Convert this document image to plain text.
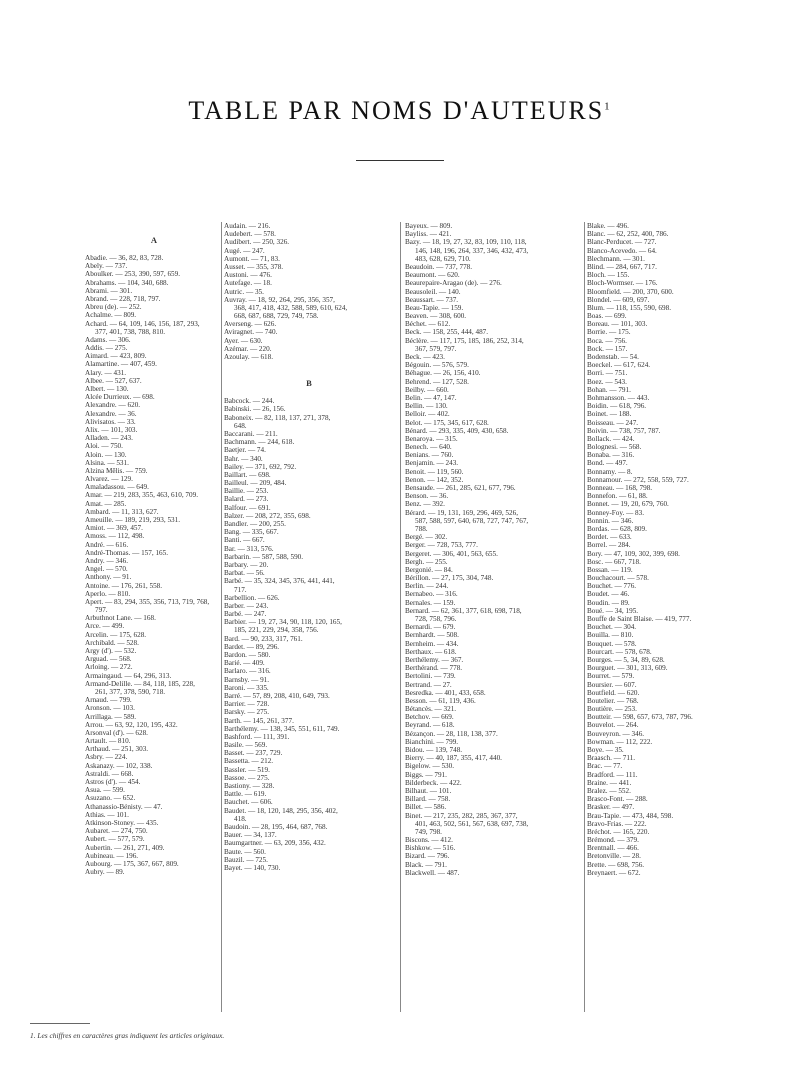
TABLE PAR NOMS D'AUTEURS$^1$
A
Abadie. — 36, 82, 83, 728.
Abely. — 737.
Aboulker. — 253, 390, 597, 659.
Abrahams. — 104, 340, 688.
Abrami. — 301.
Abrand. — 228, 718, 797.
Abreu (de). — 252.
Achalme. — 809.
Achard. — 64, 109, 146, 156, 187, 293,
377, 401, 738, 788, 810.
Adams. — 306.
Addis. — 275.
Aimard. — 423, 809.
Alamartine. — 407, 459.
Alary. — 431.
Albee. — 527, 637.
Albert. — 130.
Alcée Durrieux. — 698.
Alexandre. — 620.
Alexandre. — 36.
Alivisatos. — 33.
Alix. — 101, 303.
Alladen. — 243.
Aloi. — 750.
Aloin. — 130.
Alsina. — 531.
Alzina Mêlis. — 759.
Alvarez. — 129.
Amaladassou. — 649.
Amar. — 219, 283, 355, 463, 610, 709.
Amat. — 285.
Ambard. — 11, 313, 627.
Ameuille. — 189, 219, 293, 531.
Amiot. — 369, 457.
Amoss. — 112, 498.
André. — 616.
André-Thomas. — 157, 165.
Andry. — 346.
Angel. — 570.
Anthony. — 91.
Antoine. — 176, 261, 558.
Aperlo. — 810.
Apert. — 83, 294, 355, 356, 713, 719, 768,
797.
Arbuthnot Lane. — 168.
Arce. — 499.
Arcelin. — 175, 628.
Archibald. — 528.
Argy (d'). — 532.
Arguad. — 568.
Arloing. — 272.
Armaingaud. — 64, 296, 313.
Armand-Delille. — 84, 118, 185, 228,
261, 377, 378, 590, 718.
Arnaud. — 799.
Aronson. — 103.
Arrillaga. — 589.
Arrou. — 63, 92, 120, 195, 432.
Arsonval (d'). — 628.
Artault. — 810.
Arthaud. — 251, 303.
Asbry. — 224.
Askanazy. — 102, 338.
Astraldi. — 668.
Astros (d'). — 454.
Asua. — 599.
Asuzano. — 652.
Athanassio-Bénisty. — 47.
Athias. — 101.
Atkinson-Stoney. — 435.
Aubaret. — 274, 750.
Aubert. — 577, 579.
Aubertin. — 261, 271, 409.
Aubineau. — 196.
Aubourg. — 175, 367, 667, 809.
Aubry. — 89.
Audain. — 216.
Audebert. — 578.
Audibert. — 250, 326.
Augé. — 247.
Aumont. — 71, 83.
Ausset. — 355, 378.
Austoni. — 476.
Autefage. — 18.
Autric. — 35.
Auvray. — 18, 92, 264, 295, 356, 357,
368, 417, 418, 432, 588, 589, 610, 624,
668, 687, 688, 729, 749, 758.
Averseng. — 626.
Aviragnet. — 740.
Ayer. — 630.
Azémar. — 220.
Azoulay. — 618.
B
Babcock. — 244.
Babinski. — 26, 156.
Baboneix. — 82, 118, 137, 271, 378,
648.
Baccarani. — 211.
Bachmann. — 244, 618.
Baetjer. — 74.
Bahr. — 340.
Bailey. — 371, 692, 792.
Baillart. — 698.
Bailleul. — 209, 484.
Baillie. — 253.
Balard. — 273.
Balfour. — 691.
Balzer. — 208, 272, 355, 698.
Bandler. — 200, 255.
Bang. — 335, 667.
Banti. — 667.
Bar. — 313, 576.
Barbarin. — 587, 588, 590.
Barbary. — 20.
Barbat. — 56.
Barbé. — 35, 324, 345, 376, 441, 441,
717.
Barbellion. — 626.
Barber. — 243.
Barbé. — 247.
Barbier. — 19, 27, 34, 90, 118, 120, 165,
185, 221, 229, 294, 358, 756.
Bard. — 90, 233, 317, 761.
Bardet. — 89, 296.
Bardon. — 580.
Barié. — 409.
Barlaro. — 316.
Barnsby. — 91.
Baroni. — 335.
Barré. — 57, 89, 208, 410, 649, 793.
Barrier. — 728.
Barsky. — 275.
Barth. — 145, 261, 377.
Barthélemy. — 138, 345, 551, 611, 749.
Bashford. — 111, 391.
Basile. — 569.
Basset. — 237, 729.
Bassetta. — 212.
Bassler. — 519.
Bassoe. — 275.
Bastiony. — 328.
Battle. — 619.
Bauchet. — 606.
Baudet. — 18, 120, 148, 295, 356, 402,
418.
Baudoin. — 28, 195, 464, 687, 768.
Bauer. — 34, 137.
Baumgartner. — 63, 209, 356, 432.
Baute. — 560.
Bauzil. — 725.
Bayet. — 140, 730.
Bayeux. — 809.
Bayliss. — 421.
Bazy. — 18, 19, 27, 32, 83, 109, 110, 118,
146, 148, 196, 264, 337, 346, 432, 473,
483, 628, 629, 710.
Beaudoin. — 737, 778.
Beaumont. — 620.
Beaurepaire-Aragao (de). — 276.
Beausoleil. — 140.
Beaussart. — 737.
Beau-Tapie. — 159.
Beaven. — 308, 600.
Béchet. — 612.
Beck. — 158, 255, 444, 487.
Béclère. — 117, 175, 185, 186, 252, 314,
367, 579, 797.
Beck. — 423.
Bégouin. — 576, 579.
Béhague. — 26, 156, 410.
Behrend. — 127, 528.
Beilby. — 660.
Belin. — 47, 147.
Bellin. — 130.
Belloir. — 402.
Belot. — 175, 345, 617, 628.
Bénard. — 293, 335, 409, 430, 658.
Benaroya. — 315.
Benech. — 640.
Benians. — 760.
Benjamin. — 243.
Benoit. — 119, 560.
Benon. — 142, 352.
Bensaude. — 261, 285, 621, 677, 796.
Benson. — 36.
Benz. — 392.
Bérard. — 19, 131, 169, 296, 469, 526,
587, 588, 597, 640, 678, 727, 747, 767,
788.
Bergé. — 302.
Berger. — 728, 753, 777.
Bergeret. — 306, 401, 563, 655.
Bergh. — 255.
Bergonié. — 84.
Bérillon. — 27, 175, 304, 748.
Berlin. — 244.
Bernabeo. — 316.
Bernales. — 159.
Bernard. — 62, 361, 377, 618, 698, 718,
728, 758, 796.
Bernardi. — 679.
Bernhardt. — 508.
Bernheim. — 434.
Berthaux. — 618.
Berthélemy. — 367.
Berthérand. — 778.
Bertolini. — 739.
Bertrand. — 27.
Besredka. — 401, 433, 658.
Besson. — 61, 119, 436.
Bétancès. — 321.
Betchov. — 669.
Beyrand. — 618.
Bézançon. — 28, 118, 138, 377.
Bianchini. — 799.
Bidou. — 139, 748.
Bierry. — 40, 187, 355, 417, 440.
Bigelow. — 530.
Biggs. — 791.
Bilderbeck. — 422.
Bilhaut. — 101.
Billard. — 758.
Billet. — 586.
Binet. — 217, 235, 282, 285, 367, 377,
401, 463, 502, 561, 567, 638, 697, 738,
749, 798.
Biscons. — 412.
Bishkow. — 516.
Bizard. — 796.
Black. — 791.
Blackwell. — 487.
Blake. — 496.
Blanc. — 62, 252, 400, 786.
Blanc-Perducet. — 727.
Blanco-Acevedo. — 64.
Blechmann. — 301.
Blind. — 284, 667, 717.
Bloch. — 155.
Bloch-Wormser. — 176.
Bloomfield. — 200, 370, 600.
Blondel. — 609, 697.
Blum. — 118, 155, 590, 698.
Boas. — 699.
Boreau. — 101, 303.
Borrie. — 175.
Boca. — 756.
Bock. — 157.
Bodenstab. — 54.
Boeckel. — 617, 624.
Borri. — 751.
Boez. — 543.
Bohan. — 791.
Bohmansson. — 443.
Boidin. — 618, 796.
Boinet. — 188.
Boisseau. — 247.
Boivin. — 738, 757, 787.
Bollack. — 424.
Bolognesi. — 568.
Bonaba. — 316.
Bond. — 497.
Bonnamy. — 8.
Bonnamour. — 272, 558, 559, 727.
Bonneau. — 168, 798.
Bonnefon. — 61, 88.
Bonnet. — 19, 20, 679, 760.
Bonney-Foy. — 83.
Bonnin. — 346.
Bordas. — 628, 809.
Bordet. — 633.
Borrel. — 284.
Bory. — 47, 109, 302, 399, 698.
Bosc. — 667, 718.
Bossan. — 119.
Bouchacourt. — 578.
Bouchet. — 776.
Boudet. — 46.
Boudin. — 89.
Boué. — 34, 195.
Bouffe de Saint Blaise. — 419, 777.
Bouchet. — 304.
Bouilla. — 810.
Bouquet. — 578.
Bourcart. — 578, 678.
Bourges. — 5, 34, 89, 628.
Bourguet. — 301, 313, 609.
Bourret. — 579.
Boursier. — 607.
Boutfield. — 620.
Boutelier. — 768.
Boutière. — 253.
Boutteir. — 598, 657, 673, 787, 796.
Bouvelot. — 264.
Bouveyron. — 346.
Bowman. — 112, 222.
Boye. — 35.
Braasch. — 711.
Brac. — 77.
Bradford. — 111.
Braine. — 441.
Bralez. — 552.
Brasco-Font. — 288.
Brasker. — 497.
Brau-Tapie. — 473, 484, 598.
Bravo-Frias. — 222.
Bréchot. — 165, 220.
Brémond. — 379.
Brentnall. — 466.
Bretonville. — 28.
Brette. — 698, 756.
Breynaert. — 672.
1. Les chiffres en caractères gras indiquent les articles originaux.
